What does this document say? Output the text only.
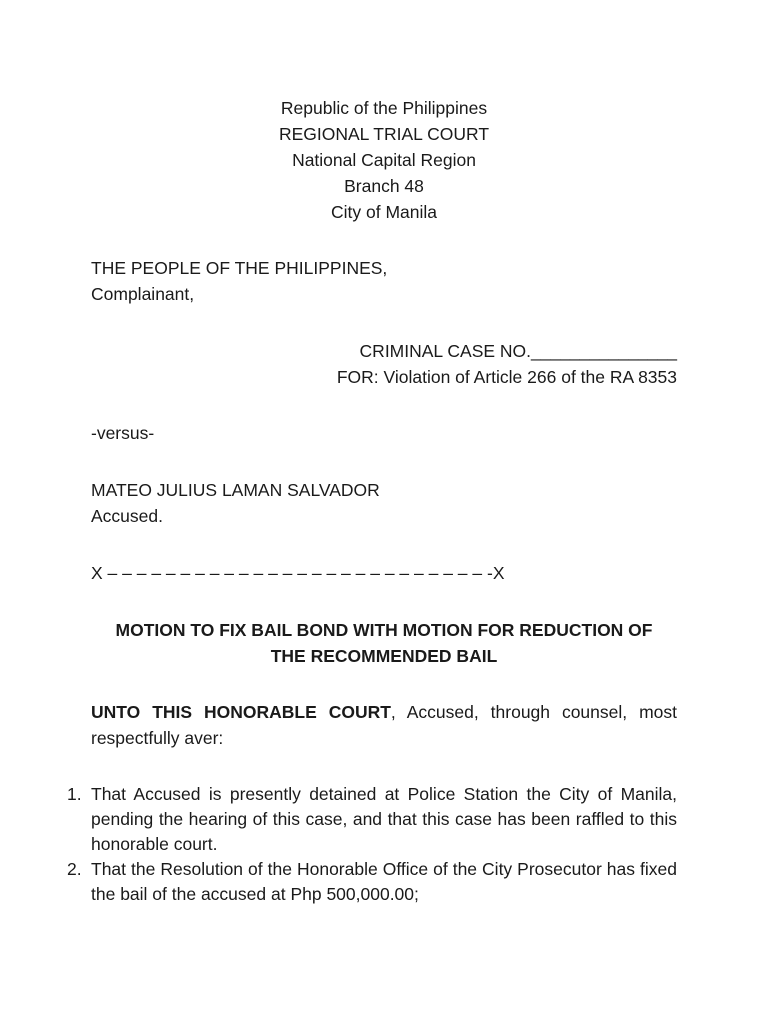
Republic of the Philippines
REGIONAL TRIAL COURT
National Capital Region
Branch 48
City of Manila
THE PEOPLE OF THE PHILIPPINES,
Complainant,
CRIMINAL CASE NO._______________
FOR: Violation of Article 266 of the RA 8353
-versus-
MATEO JULIUS LAMAN SALVADOR
Accused.
X – – – – – – – – – – – – – – – – – – – – – – – – – – -X
MOTION TO FIX BAIL BOND WITH MOTION FOR REDUCTION OF
THE RECOMMENDED BAIL
UNTO THIS HONORABLE COURT, Accused, through counsel, most respectfully aver:
1. That Accused is presently detained at Police Station the City of Manila, pending the hearing of this case, and that this case has been raffled to this honorable court.
2. That the Resolution of the Honorable Office of the City Prosecutor has fixed the bail of the accused at Php 500,000.00;
